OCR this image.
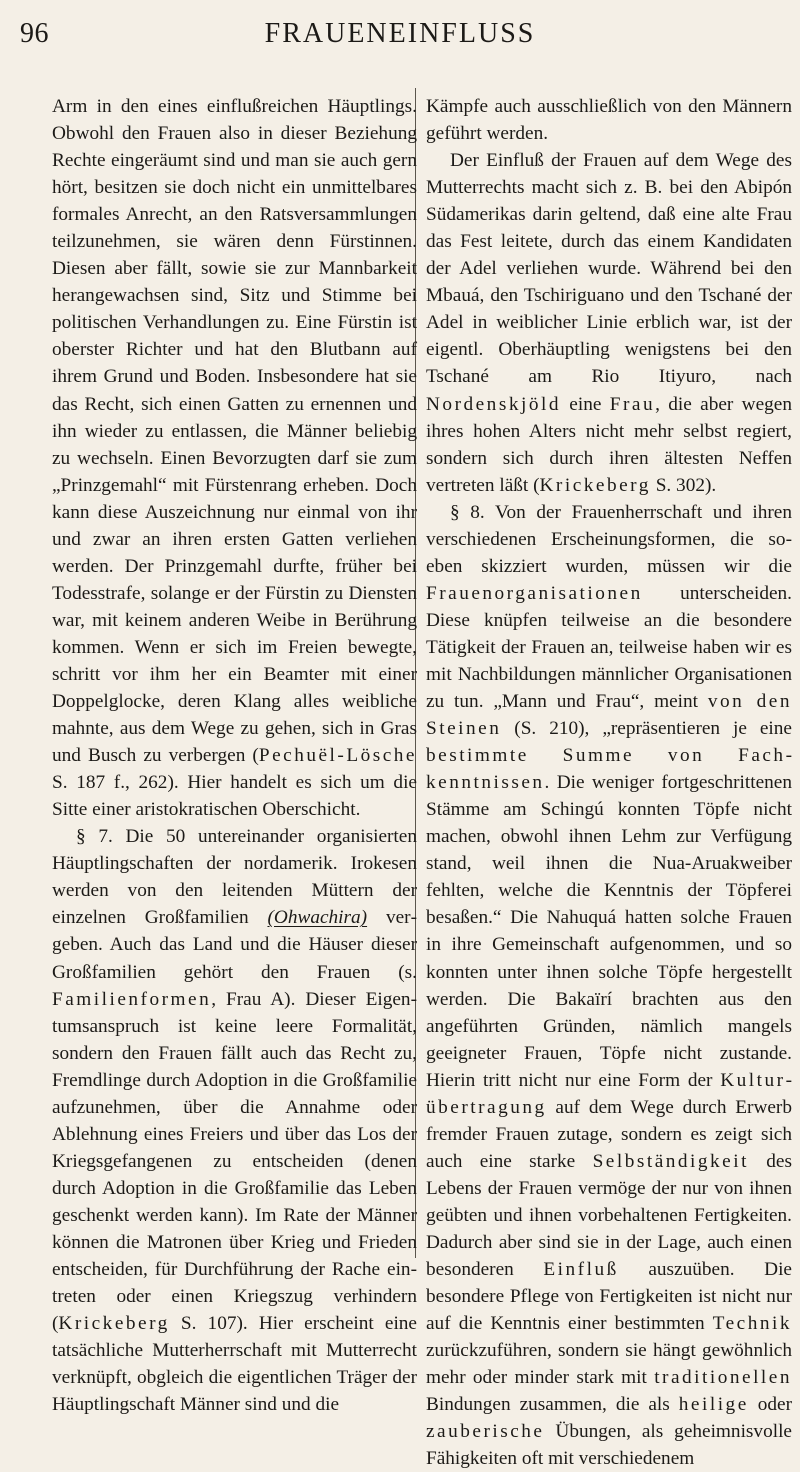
96	FRAUENEINFLUSS

Arm in den eines einflußreichen Häuptlings. Obwohl den Frauen also in dieser Beziehung Rechte eingeräumt sind und man sie auch gern hört, besitzen sie doch nicht ein unmittelbares formales Anrecht, an den Ratsversammlungen teilzunehmen, sie wären denn Fürstinnen. Diesen aber fällt, sowie sie zur Mannbarkeit herangewachsen sind, Sitz und Stimme bei politischen Verhandlungen zu. Eine Fürstin ist oberster Richter und hat den Blutbann auf ihrem Grund und Boden. Insbesondere hat sie das Recht, sich einen Gatten zu ernennen und ihn wieder zu entlassen, die Männer beliebig zu wechseln. Einen Bevorzugten darf sie zum „Prinzgemahl“ mit Fürstenrang erheben. Doch kann diese Auszeichnung nur einmal von ihr und zwar an ihren ersten Gatten verliehen werden. Der Prinzgemahl durfte, früher bei Todesstrafe, solange er der Fürstin zu Diensten war, mit keinem anderen Weibe in Berührung kommen. Wenn er sich im Freien bewegte, schritt vor ihm her ein Beamter mit einer Doppelglocke, deren Klang alles weibliche mahnte, aus dem Wege zu gehen, sich in Gras und Busch zu verbergen (Pechuël-Lösche S. 187 f., 262). Hier handelt es sich um die Sitte einer aristokratischen Oberschicht.

§ 7. Die 50 untereinander organisierten Häuptlingschaften der nordamerik. Irokesen werden von den leitenden Müttern der einzelnen Großfamilien (Ohwachira) vergeben. Auch das Land und die Häuser dieser Großfamilien gehört den Frauen (s. Familienformen, Frau A). Dieser Eigentumsanspruch ist keine leere Formalität, sondern den Frauen fällt auch das Recht zu, Fremdlinge durch Adoption in die Großfamilie aufzunehmen, über die Annahme oder Ablehnung eines Freiers und über das Los der Kriegsgefangenen zu entscheiden (denen durch Adoption in die Großfamilie das Leben geschenkt werden kann). Im Rate der Männer können die Matronen über Krieg und Frieden entscheiden, für Durchführung der Rache eintreten oder einen Kriegszug verhindern (Krickeberg S. 107). Hier erscheint eine tatsächliche Mutterherrschaft mit Mutterrecht verknüpft, obgleich die eigentlichen Träger der Häuptlingschaft Männer sind und die

Kämpfe auch ausschließlich von den Männern geführt werden.

Der Einfluß der Frauen auf dem Wege des Mutterrechts macht sich z. B. bei den Abipón Südamerikas darin geltend, daß eine alte Frau das Fest leitete, durch das einem Kandidaten der Adel verliehen wurde. Während bei den Mbauá, den Tschiriguano und den Tschané der Adel in weiblicher Linie erblich war, ist der eigentl. Oberhäuptling wenigstens bei den Tschané am Rio Itiyuro, nach Nordenskjöld eine Frau, die aber wegen ihres hohen Alters nicht mehr selbst regiert, sondern sich durch ihren ältesten Neffen vertreten läßt (Krickeberg S. 302).

§ 8. Von der Frauenherrschaft und ihren verschiedenen Erscheinungsformen, die soeben skizziert wurden, müssen wir die Frauenorganisationen unterscheiden. Diese knüpfen teilweise an die besondere Tätigkeit der Frauen an, teilweise haben wir es mit Nachbildungen männlicher Organisationen zu tun. „Mann und Frau“, meint von den Steinen (S. 210), „repräsentieren je eine bestimmte Summe von Fachkenntnissen. Die weniger fortgeschrittenen Stämme am Schingú konnten Töpfe nicht machen, obwohl ihnen Lehm zur Verfügung stand, weil ihnen die Nua-Aruakweiber fehlten, welche die Kenntnis der Töpferei besaßen.“ Die Nahuquá hatten solche Frauen in ihre Gemeinschaft aufgenommen, und so konnten unter ihnen solche Töpfe hergestellt werden. Die Bakaïrí brachten aus den angeführten Gründen, nämlich mangels geeigneter Frauen, Töpfe nicht zustande. Hierin tritt nicht nur eine Form der Kulturübertragung auf dem Wege durch Erwerb fremder Frauen zutage, sondern es zeigt sich auch eine starke Selbständigkeit des Lebens der Frauen vermöge der nur von ihnen geübten und ihnen vorbehaltenen Fertigkeiten. Dadurch aber sind sie in der Lage, auch einen besonderen Einfluß auszuüben. Die besondere Pflege von Fertigkeiten ist nicht nur auf die Kenntnis einer bestimmten Technik zurückzuführen, sondern sie hängt gewöhnlich mehr oder minder stark mit traditionellen Bindungen zusammen, die als heilige oder zauberische Übungen, als geheimnisvolle Fähigkeiten oft mit verschiedenem
